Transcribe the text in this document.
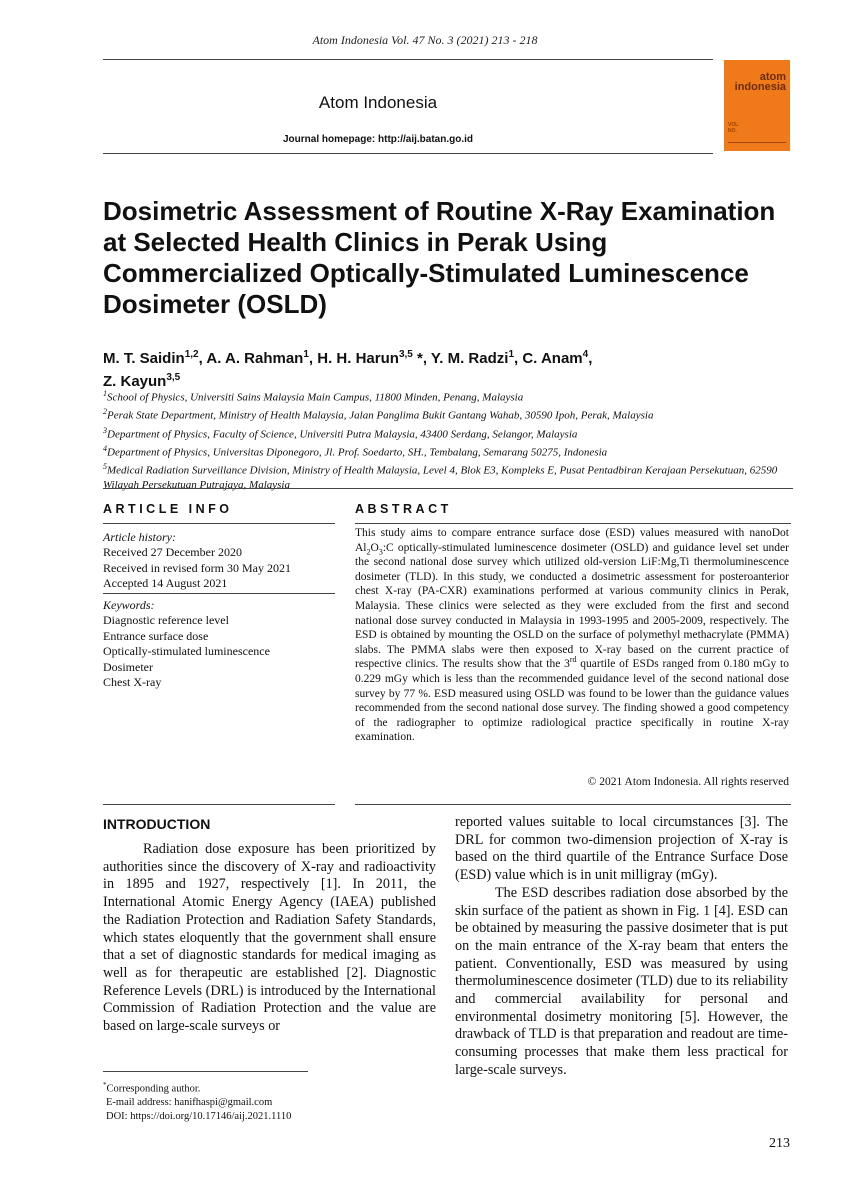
Atom Indonesia Vol. 47 No. 3 (2021) 213 - 218
Atom Indonesia
Journal homepage: http://aij.batan.go.id
atom
indonesia
VOL.
NO.
Dosimetric Assessment of Routine X-Ray Examination at Selected Health Clinics in Perak Using Commercialized Optically-Stimulated Luminescence Dosimeter (OSLD)
M. T. Saidin$^{1,2}$, A. A. Rahman$^1$, H. H. Harun$^{3,5}$ *, Y. M. Radzi$^1$, C. Anam$^4$,
Z. Kayun$^{3,5}$
$^1$School of Physics, Universiti Sains Malaysia Main Campus, 11800 Minden, Penang, Malaysia
$^2$Perak State Department, Ministry of Health Malaysia, Jalan Panglima Bukit Gantang Wahab, 30590 Ipoh, Perak, Malaysia
$^3$Department of Physics, Faculty of Science, Universiti Putra Malaysia, 43400 Serdang, Selangor, Malaysia
$^4$Department of Physics, Universitas Diponegoro, Jl. Prof. Soedarto, SH., Tembalang, Semarang 50275, Indonesia
$^5$Medical Radiation Surveillance Division, Ministry of Health Malaysia, Level 4, Blok E3, Kompleks E, Pusat Pentadbiran Kerajaan Persekutuan, 62590 Wilayah Persekutuan Putrajaya, Malaysia
ARTICLE INFO	ABSTRACT
Article history:
Received 27 December 2020
Received in revised form 30 May 2021
Accepted 14 August 2021
Keywords:
Diagnostic reference level
Entrance surface dose
Optically-stimulated luminescence
Dosimeter
Chest X-ray
This study aims to compare entrance surface dose (ESD) values measured with nanoDot $Al_2O_3:C$ optically-stimulated luminescence dosimeter (OSLD) and guidance level set under the second national dose survey which utilized old-version LiF:Mg,Ti thermoluminescence dosimeter (TLD). In this study, we conducted a dosimetric assessment for posteroanterior chest X-ray (PA-CXR) examinations performed at various community clinics in Perak, Malaysia. These clinics were selected as they were excluded from the first and second national dose survey conducted in Malaysia in 1993-1995 and 2005-2009, respectively. The ESD is obtained by mounting the OSLD on the surface of polymethyl methacrylate (PMMA) slabs. The PMMA slabs were then exposed to X-ray based on the current practice of respective clinics. The results show that the 3rd quartile of ESDs ranged from 0.180 mGy to 0.229 mGy which is less than the recommended guidance level of the second national dose survey by 77 %. ESD measured using OSLD was found to be lower than the guidance values recommended from the second national dose survey. The finding showed a good competency of the radiographer to optimize radiological practice specifically in routine X-ray examination.
© 2021 Atom Indonesia. All rights reserved
INTRODUCTION

Radiation dose exposure has been prioritized by authorities since the discovery of X-ray and radioactivity in 1895 and 1927, respectively [1]. In 2011, the International Atomic Energy Agency (IAEA) published the Radiation Protection and Radiation Safety Standards, which states eloquently that the government shall ensure that a set of diagnostic standards for medical imaging as well as for therapeutic are established [2]. Diagnostic Reference Levels (DRL) is introduced by the International Commission of Radiation Protection and the value are based on large-scale surveys or

reported values suitable to local circumstances [3]. The DRL for common two-dimension projection of X-ray is based on the third quartile of the Entrance Surface Dose (ESD) value which is in unit milligray (mGy).

The ESD describes radiation dose absorbed by the skin surface of the patient as shown in Fig. 1 [4]. ESD can be obtained by measuring the passive dosimeter that is put on the main entrance of the X-ray beam that enters the patient. Conventionally, ESD was measured by using thermoluminescence dosimeter (TLD) due to its reliability and commercial availability for personal and environmental dosimetry monitoring [5]. However, the drawback of TLD is that preparation and readout are time-consuming processes that make them less practical for large-scale surveys.

*Corresponding author.
E-mail address: hanifhaspi@gmail.com
DOI: https://doi.org/10.17146/aij.2021.1110
213
